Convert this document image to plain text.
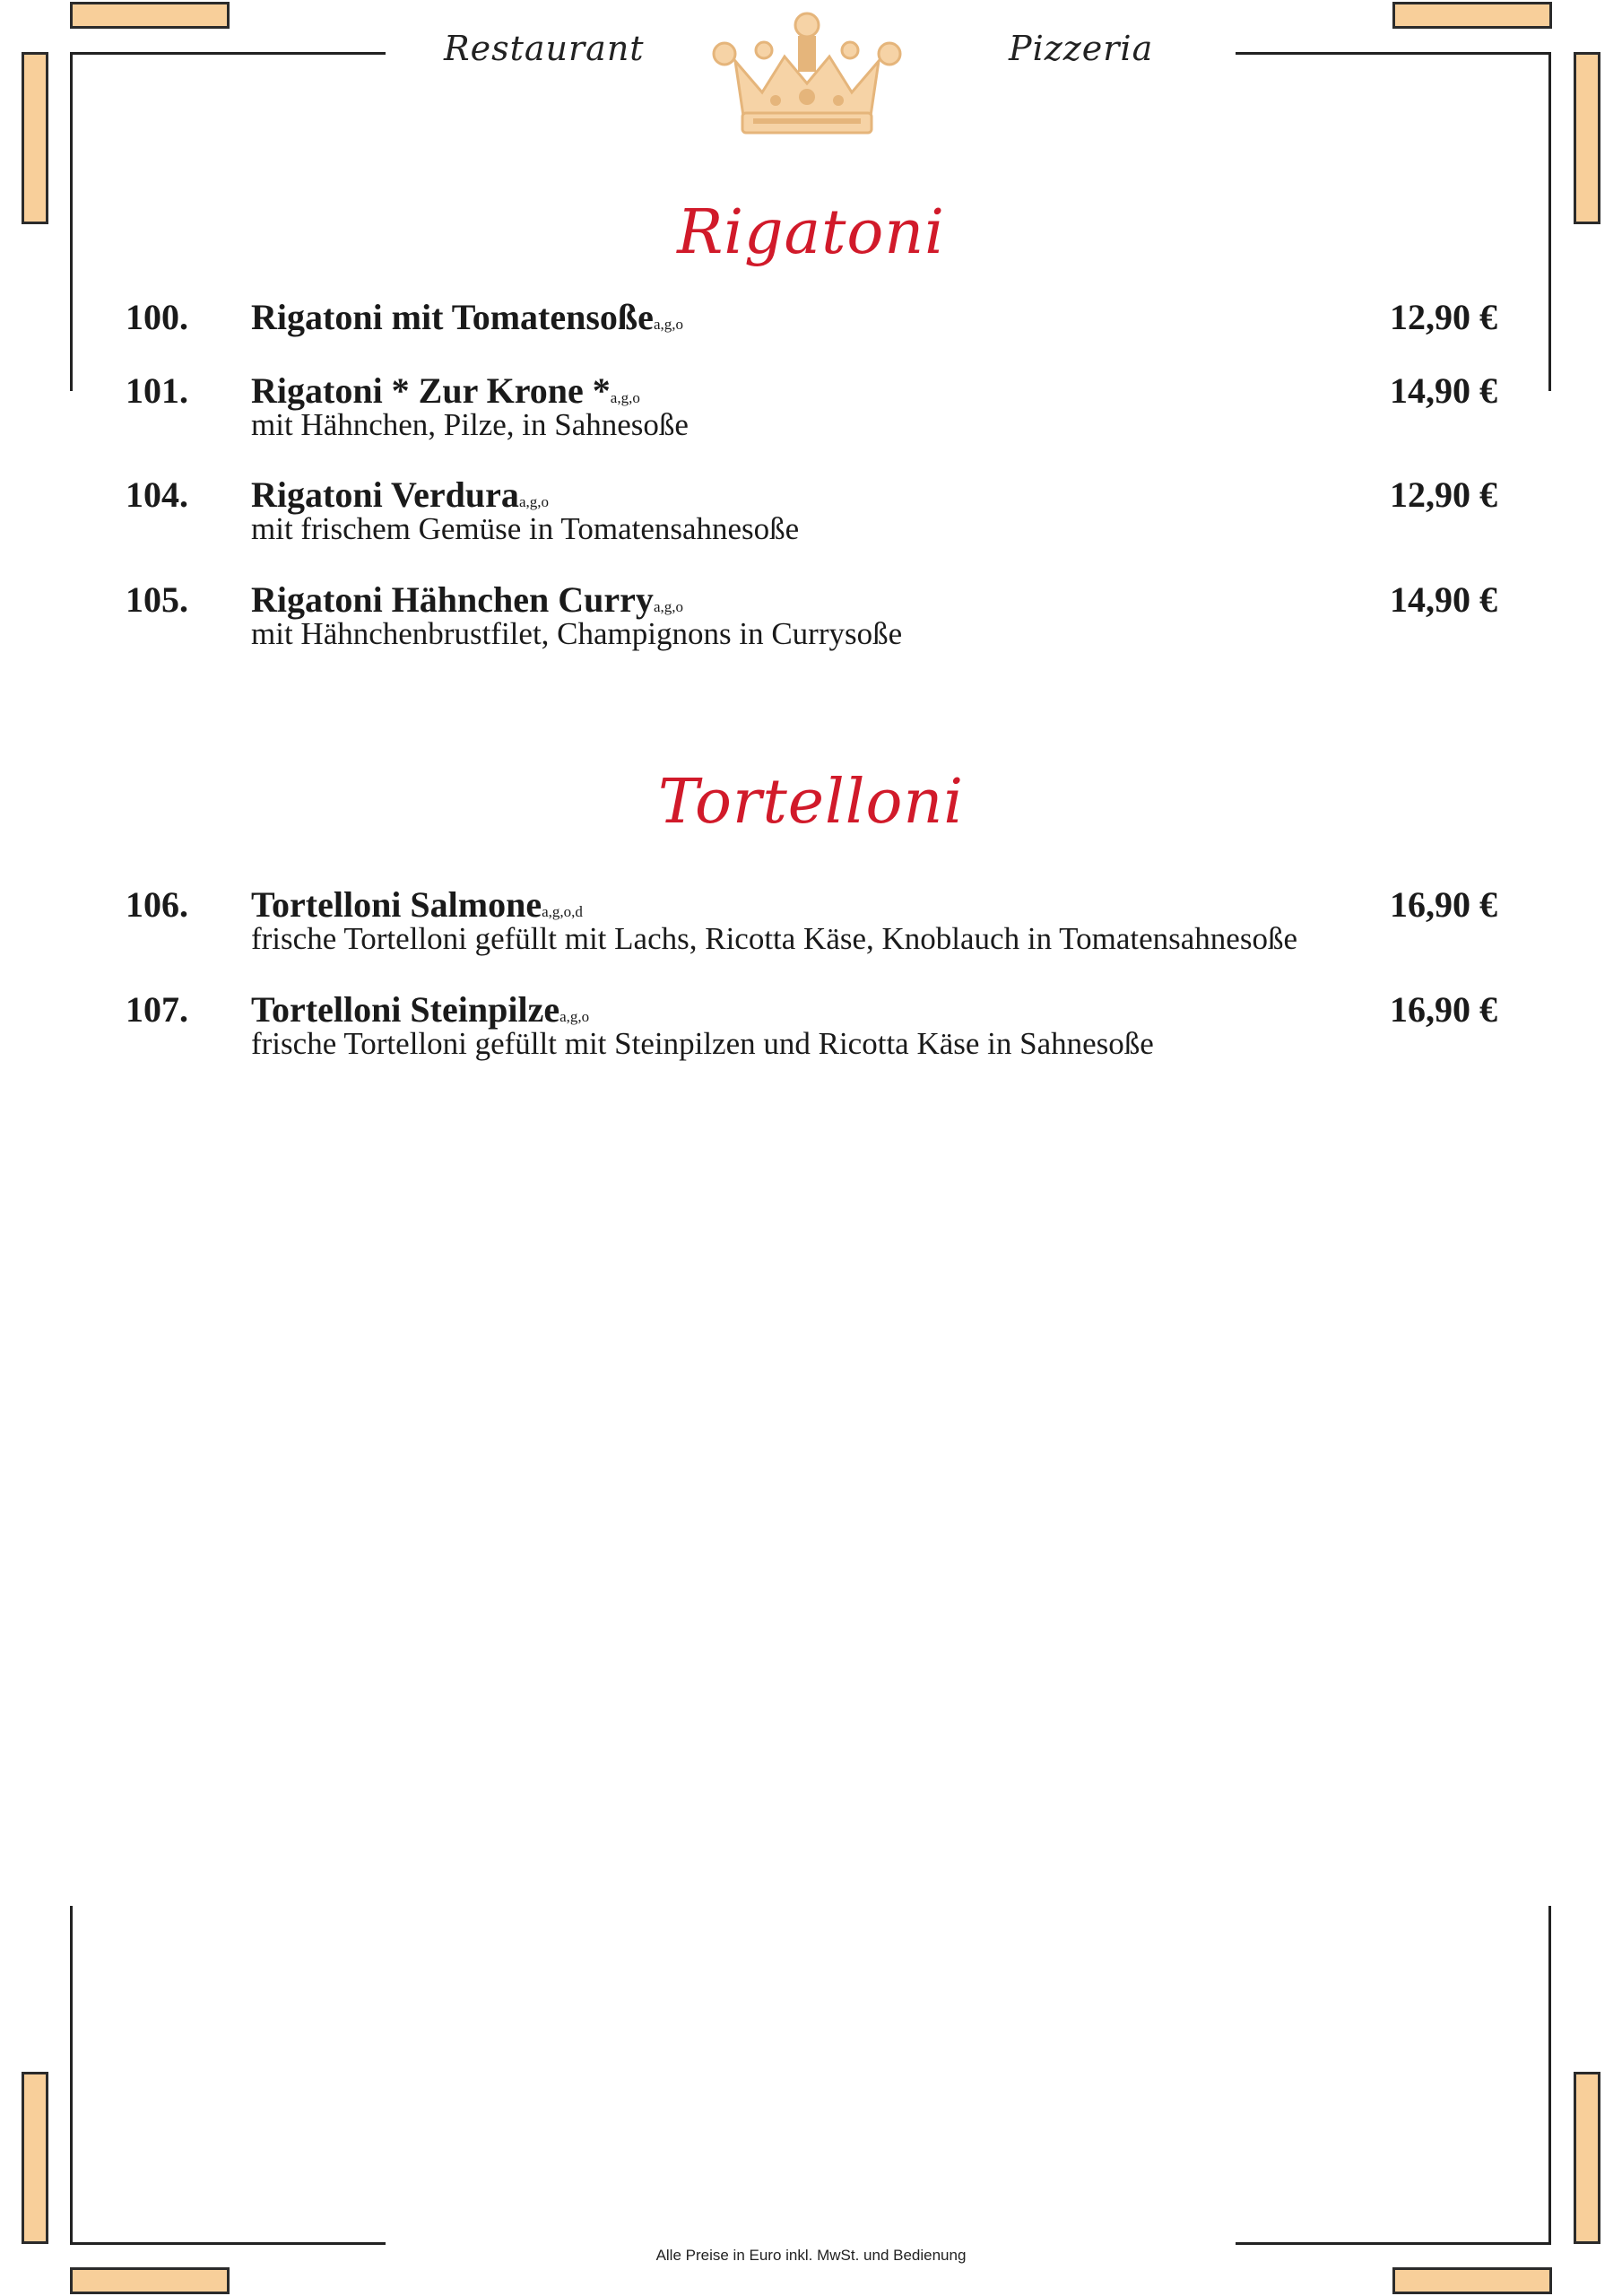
Restaurant	Pizzeria
Rigatoni
100. Rigatoni mit Tomatensoßea,g,o	12,90 €
101. Rigatoni * Zur Krone *a,g,o	14,90 €
mit Hähnchen, Pilze, in Sahnesoße
104. Rigatoni Verduraa,g,o	12,90 €
mit frischem Gemüse in Tomatensahnesoße
105. Rigatoni Hähnchen Currya,g,o	14,90 €
mit Hähnchenbrustfilet, Champignons in Currysoße
Tortelloni
106. Tortelloni Salmonea,g,o,d	16,90 €
frische Tortelloni gefüllt mit Lachs, Ricotta Käse, Knoblauch in Tomatensahnesoße
107. Tortelloni Steinpilzea,g,o	16,90 €
frische Tortelloni gefüllt mit Steinpilzen und Ricotta Käse in Sahnesoße
Alle Preise in Euro inkl. MwSt. und Bedienung
